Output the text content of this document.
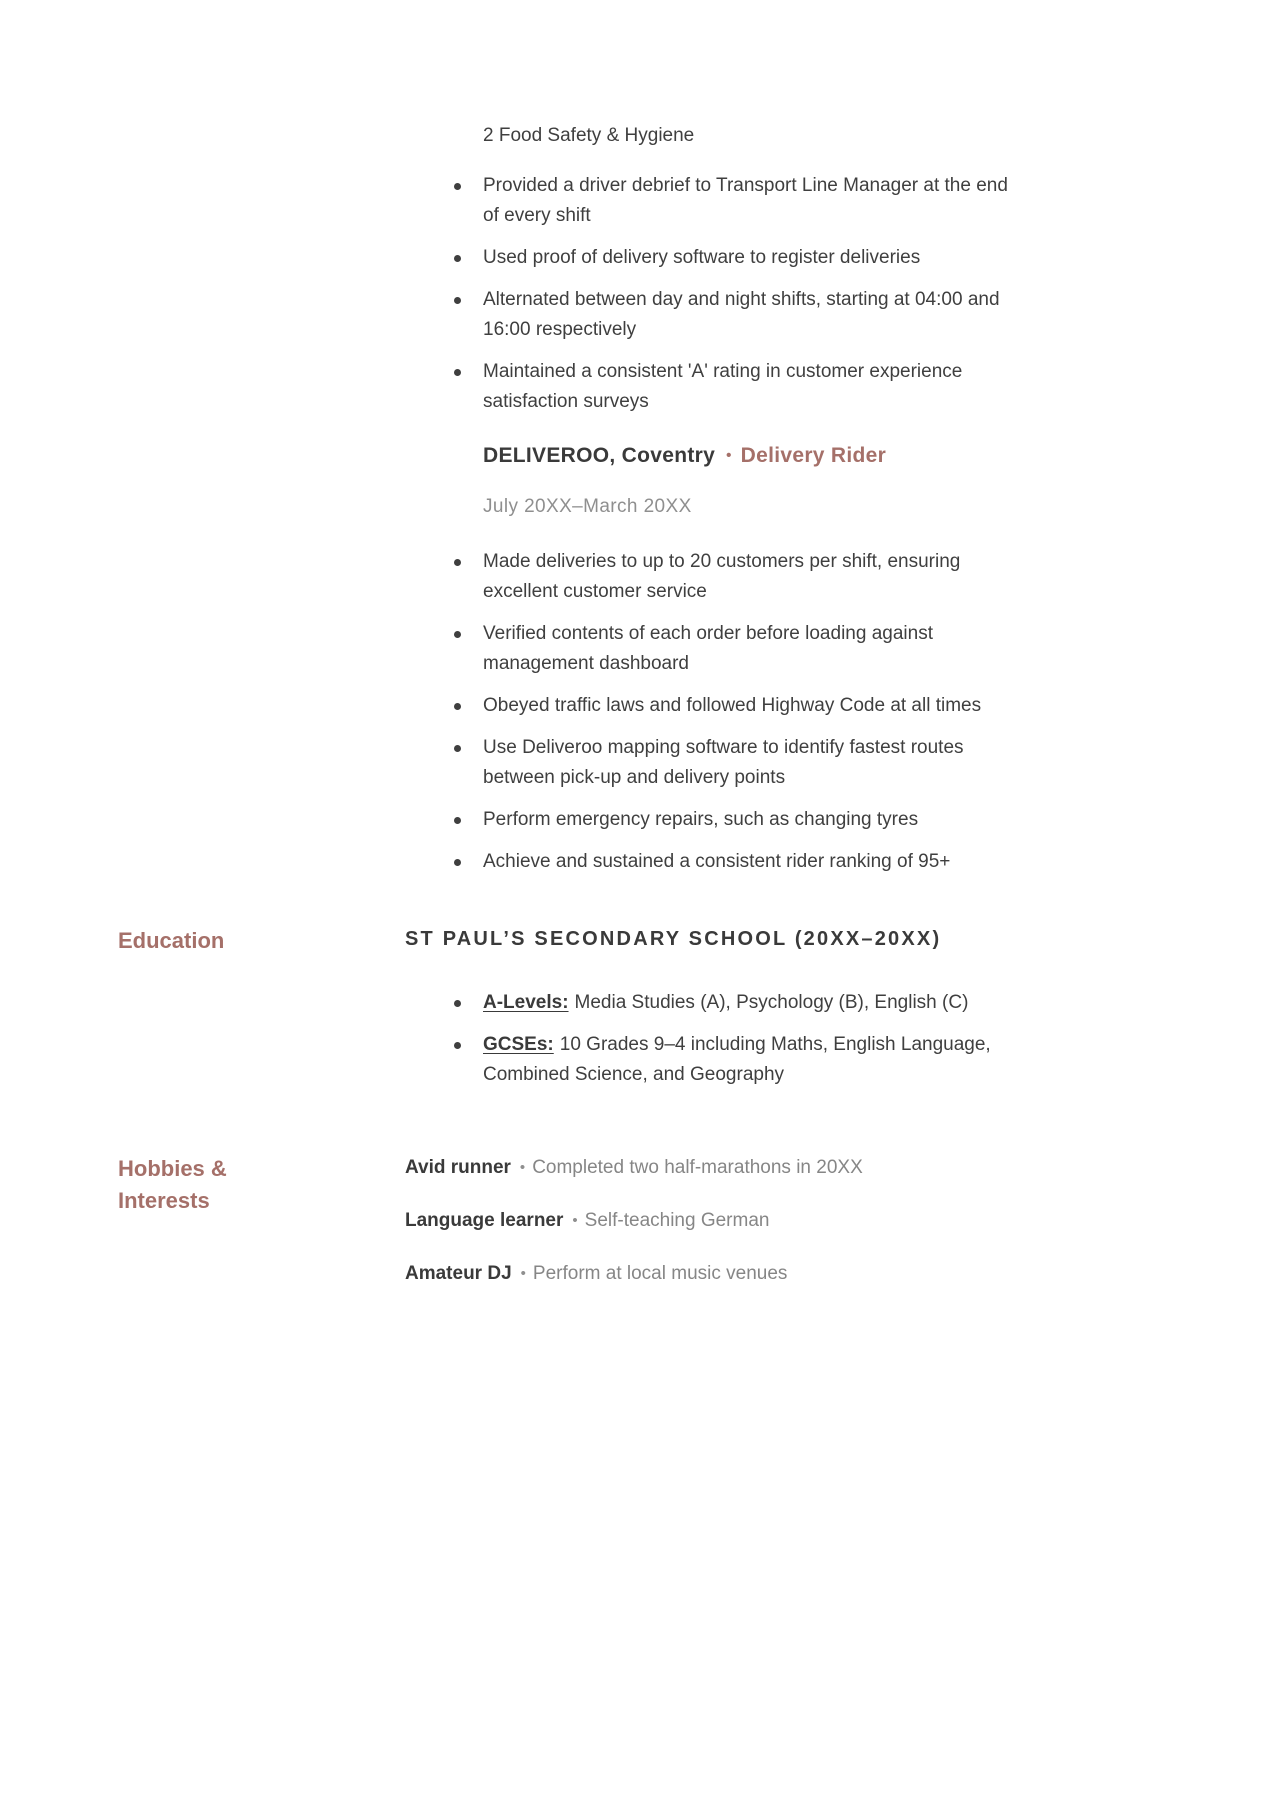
2 Food Safety & Hygiene
Provided a driver debrief to Transport Line Manager at the end of every shift
Used proof of delivery software to register deliveries
Alternated between day and night shifts, starting at 04:00 and 16:00 respectively
Maintained a consistent 'A' rating in customer experience satisfaction surveys
DELIVEROO, Coventry • Delivery Rider
July 20XX–March 20XX
Made deliveries to up to 20 customers per shift, ensuring excellent customer service
Verified contents of each order before loading against management dashboard
Obeyed traffic laws and followed Highway Code at all times
Use Deliveroo mapping software to identify fastest routes between pick-up and delivery points
Perform emergency repairs, such as changing tyres
Achieve and sustained a consistent rider ranking of 95+
Education	ST PAUL’S SECONDARY SCHOOL (20XX–20XX)
A-Levels: Media Studies (A), Psychology (B), English (C)
GCSEs: 10 Grades 9–4 including Maths, English Language, Combined Science, and Geography
Hobbies & Interests
Avid runner • Completed two half-marathons in 20XX
Language learner • Self-teaching German
Amateur DJ • Perform at local music venues
